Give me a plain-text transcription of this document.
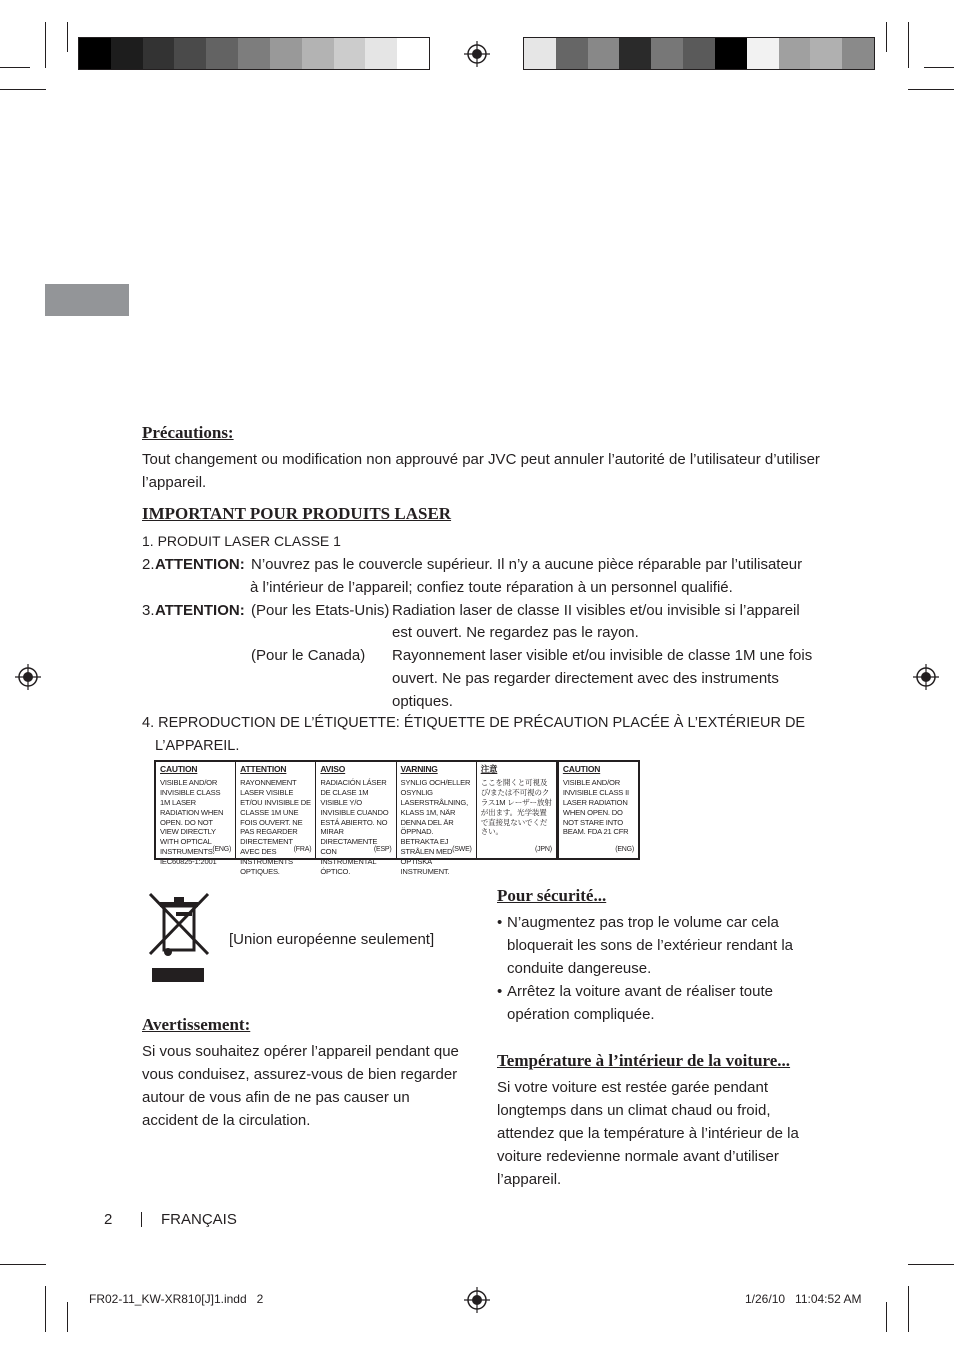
Précautions:
Tout changement ou modification non approuvé par JVC peut annuler l’autorité de l’utilisateur d’utiliser l’appareil.
IMPORTANT POUR PRODUITS LASER
1. PRODUIT LASER CLASSE 1
2. ATTENTION: N’ouvrez pas le couvercle supérieur. Il n’y a aucune pièce réparable par l’utilisateur
à l’intérieur de l’appareil; confiez toute réparation à un personnel qualifié.
3. ATTENTION: (Pour les Etats-Unis) Radiation laser de classe II visibles et/ou invisible si l’appareil
est ouvert. Ne regardez pas le rayon.
(Pour le Canada) Rayonnement laser visible et/ou invisible de classe 1M une fois
ouvert. Ne pas regarder directement avec des instruments
optiques.
4. REPRODUCTION DE L’ÉTIQUETTE: ÉTIQUETTE DE PRÉCAUTION PLACÉE À L’EXTÉRIEUR DE
L’APPAREIL.
CAUTION
VISIBLE AND/OR INVISIBLE CLASS 1M LASER RADIATION WHEN OPEN. DO NOT VIEW DIRECTLY WITH OPTICAL INSTRUMENTS. IEC60825-1:2001
(ENG)
ATTENTION
RAYONNEMENT LASER VISIBLE ET/OU INVISIBLE DE CLASSE 1M UNE FOIS OUVERT. NE PAS REGARDER DIRECTEMENT AVEC DES INSTRUMENTS OPTIQUES.
(FRA)
AVISO
RADIACIÓN LÁSER DE CLASE 1M VISIBLE Y/O INVISIBLE CUANDO ESTÁ ABIERTO. NO MIRAR DIRECTAMENTE CON INSTRUMENTAL ÓPTICO.
(ESP)
VARNING
SYNLIG OCH/ELLER OSYNLIG LASERSTRÅLNING, KLASS 1M, NÄR DENNA DEL ÄR ÖPPNAD. BETRAKTA EJ STRÅLEN MED OPTISKA INSTRUMENT.
(SWE)
注意
ここを開くと可視及び/または不可視のクラス1M レーザー放射が出ます。光学装置で直接見ないでください。
(JPN)
CAUTION
VISIBLE AND/OR INVISIBLE CLASS II LASER RADIATION WHEN OPEN. DO NOT STARE INTO BEAM. FDA 21 CFR
(ENG)
[Union européenne seulement]
Avertissement:
Si vous souhaitez opérer l’appareil pendant que vous conduisez, assurez-vous de bien regarder autour de vous afin de ne pas causer un accident de la circulation.
Pour sécurité...
• N’augmentez pas trop le volume car cela bloquerait les sons de l’extérieur rendant la conduite dangereuse.
• Arrêtez la voiture avant de réaliser toute opération compliquée.
Température à l’intérieur de la voiture...
Si votre voiture est restée garée pendant longtemps dans un climat chaud ou froid, attendez que la température à l’intérieur de la voiture redevienne normale avant d’utiliser l’appareil.
2	FRANÇAIS
FR02-11_KW-XR810[J]1.indd   2	1/26/10   11:04:52 AM
